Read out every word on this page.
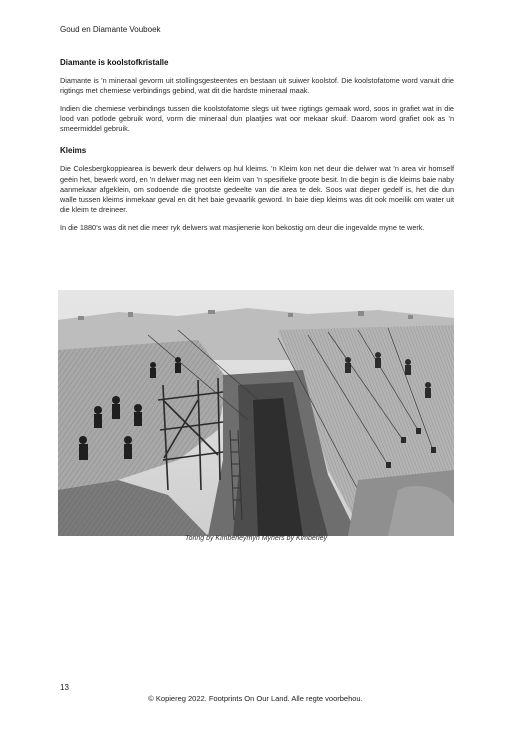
Goud en Diamante Vouboek
Diamante is koolstofkristalle

Diamante is ’n mineraal gevorm uit stollingsgesteentes en bestaan uit suiwer koolstof. Die koolstofatome word vanuit drie rigtings met chemiese verbindings gebind, wat dit die hardste mineraal maak.

Indien die chemiese verbindings tussen die koolstofatome slegs uit twee rigtings gemaak word, soos in grafiet wat in die lood van potlode gebruik word, vorm die mineraal dun plaatjies wat oor mekaar skuif. Daarom word grafiet ook as ’n smeermiddel gebruik.

Kleims

Die Colesbergkoppiearea is bewerk deur delwers op hul kleims. ’n Kleim kon net deur die delwer wat ’n area vir homself geëin het, bewerk word, en ’n delwer mag net een kleim van ’n spesifieke groote besit. In die begin is die kleims baie naby aanmekaar afgeklein, om sodoende die grootste gedeelte van die area te dek. Soos wat dieper gedelf is, het die dun walle tussen kleims inmekaar geval en dit het baie gevaarlik geword. In baie diep kleims was dit ook moeilik om water uit die kleim te dreineer.

In die 1880’s was dit net die meer ryk delwers wat masjienerie kon bekostig om deur die ingevalde myne te werk.

Toring by Kimberleymyn Myners by Kimberley
13
© Kopiereg 2022. Footprints On Our Land. Alle regte voorbehou.
